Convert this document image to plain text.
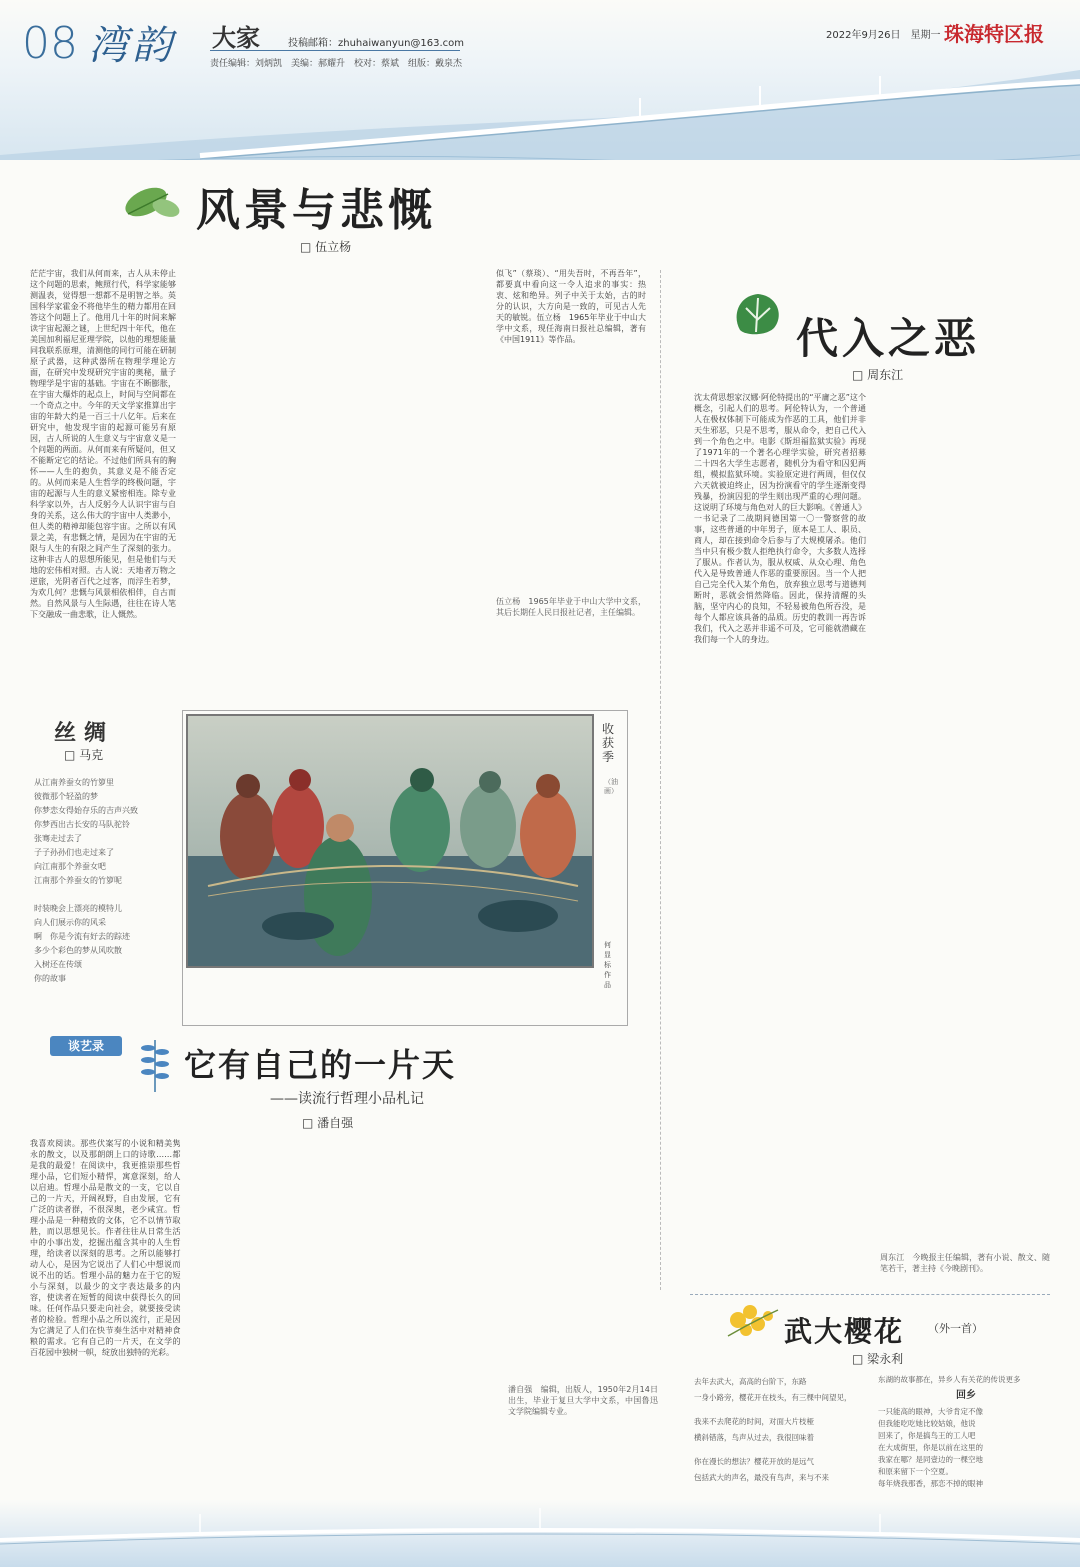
08 湾韵 大家	投稿邮箱：zhuhaiwanyun@163.com
责任编辑：刘炳凯　美编：郝耀升　校对：蔡斌　组版：戴泉杰
2022年9月26日　星期一 珠海特区报
风景与悲慨
□ 伍立杨
茫茫宇宙，我们从何而来，古人从未停止这个问题的思索，鲍照行代，科学家能够测温表，觉得想一想都不是明智之举。英国科学家霍金不将他毕生的精力都用在回答这个问题上了。他用几十年的时间来解读宇宙起源之谜，上世纪四十年代，他在美国加利福尼亚理学院，以他的理想能量同我联系原理，清测他的同行可能在研制原子武器，这种武器所在物理学理论方面，在研究中发现研究宇宙的奥秘，量子物理学是宇宙的基础。宇宙在不断膨胀，在宇宙大爆炸的起点上，时间与空间都在一个奇点之中。今年的天文学家推算出宇宙的年龄大约是一百三十八亿年。后来在研究中，他发现宇宙的起源可能另有原因，古人所说的人生意义与宇宙意义是一个问题的两面。从何而来有所疑问，但又不能断定它的结论。不过他们所具有的胸怀——人生的抱负，其意义是不能否定的。从何而来是人生哲学的终极问题，宇宙的起源与人生的意义紧密相连。除专业科学家以外，古人反躬今人认识宇宙与自身的关系，这么伟大的宇宙中人类渺小，但人类的精神却能包容宇宙。之所以有风景之美，有悲慨之情，是因为在宇宙的无限与人生的有限之间产生了深刻的张力。这种非古人的思想所能见，但是他们与天地的宏伟相对照。古人说：天地者万物之逆旅，光阴者百代之过客，而浮生若梦，为欢几何？悲慨与风景相依相伴，自古而然。自然风景与人生际遇，往往在诗人笔下交融成一曲悲歌，让人慨然。
伍立杨　1965年毕业于中山大学中文系，其后长期任人民日报社记者，主任编辑。
似飞”（蔡琰）、“用失吾时，不再吾年”，都要真中看向这一令人追求的事实：热衷、炫和绝异。列子中关于太始，古的时分的认识，大方向是一致的，可见古人先天的敏锐。伍立杨　1965年毕业于中山大学中文系，现任海南日报社总编辑，著有《中国1911》等作品。	代入之恶
□ 周东江
沈太荷思想家汉娜·阿伦特提出的“平庸之恶”这个概念，引起人们的思考。阿伦特认为，一个普通人在极权体制下可能成为作恶的工具，他们并非天生邪恶，只是不思考，服从命令，把自己代入到一个角色之中。电影《斯坦福监狱实验》再现了1971年的一个著名心理学实验，研究者招募二十四名大学生志愿者，随机分为看守和囚犯两组，模拟监狱环境。实验原定进行两周，但仅仅六天就被迫终止，因为扮演看守的学生逐渐变得残暴，扮演囚犯的学生则出现严重的心理问题。这说明了环境与角色对人的巨大影响。《普通人》一书记录了二战期间德国第一〇一警察营的故事，这些普通的中年男子，原本是工人、职员、商人，却在接到命令后参与了大规模屠杀。他们当中只有极少数人拒绝执行命令，大多数人选择了服从。作者认为，服从权威、从众心理、角色代入是导致普通人作恶的重要原因。当一个人把自己完全代入某个角色，放弃独立思考与道德判断时，恶就会悄然降临。因此，保持清醒的头脑，坚守内心的良知，不轻易被角色所吞没，是每个人都应该具备的品质。历史的教训一再告诉我们，代入之恶并非遥不可及，它可能就潜藏在我们每一个人的身边。
周东江　今晚报主任编辑，著有小说、散文、随笔若干，著主持《今晚剧刊》。
丝绸
□ 马克
从江南养蚕女的竹箩里
彼微那个轻盈的梦
你梦恋女得始存乐的吉声兴致
你梦西出古长安的马队驼铃
张骞走过去了
子子孙孙们也走过来了
向江南那个养蚕女吧
江南那个养蚕女的竹箩呢
时装晚会上漂亮的模特儿
向人们展示你的风采
啊　你是今流有好去的踪迹
多少个彩色的梦从风吹散
入树还在传颂
你的故事
收获季
（油画）
何显标　作品
谈艺录	它有自己的一片天
——读流行哲理小品札记
□ 潘自强
我喜欢阅读。那些伏案写的小说和精美隽永的散文，以及那朗朗上口的诗歌……都是我的最爱！在阅读中，我更推崇那些哲理小品，它们短小精悍，寓意深刻，给人以启迪。哲理小品是散文的一支，它以自己的一片天，开阔视野，自由发展，它有广泛的读者群，不很深奥，老少咸宜。哲理小品是一种精致的文体，它不以情节取胜，而以思想见长。作者往往从日常生活中的小事出发，挖掘出蕴含其中的人生哲理，给读者以深刻的思考。之所以能够打动人心，是因为它说出了人们心中想说而说不出的话。哲理小品的魅力在于它的短小与深刻，以最少的文字表达最多的内容，使读者在短暂的阅读中获得长久的回味。任何作品只要走向社会，就要接受读者的检验。哲理小品之所以流行，正是因为它满足了人们在快节奏生活中对精神食粮的需求。它有自己的一片天，在文学的百花园中独树一帜，绽放出独特的光彩。
潘自强　编辑，出版人，1950年2月14日出生，毕业于复旦大学中文系，中国鲁迅文学院编辑专业。
武大樱花 （外一首）
□ 梁永利
去年去武大，高高的台阶下，东路
一身小路旁，樱花开在枝头，有三棵中间望见，
我来不去爬花的时间，对面大片枝桠
横斜错落，鸟声从过去，我很回味着
你在漫长的想法？樱花开放的是远气
包括武大的声名，最没有鸟声，来与不来
东湖的故事都在，异乡人有关花的传说更多
回乡
一只能高的眼神，大爷肯定不像
但我能吃吃她比较姑娘，他说
回来了，你是搞鸟王的工人吧
在大成街里，你是以前在这里的
我家在哪？是同壹边的一棵空地
和原来留下一个空夏。
每年烧我那香，那恋不掉的眼神
